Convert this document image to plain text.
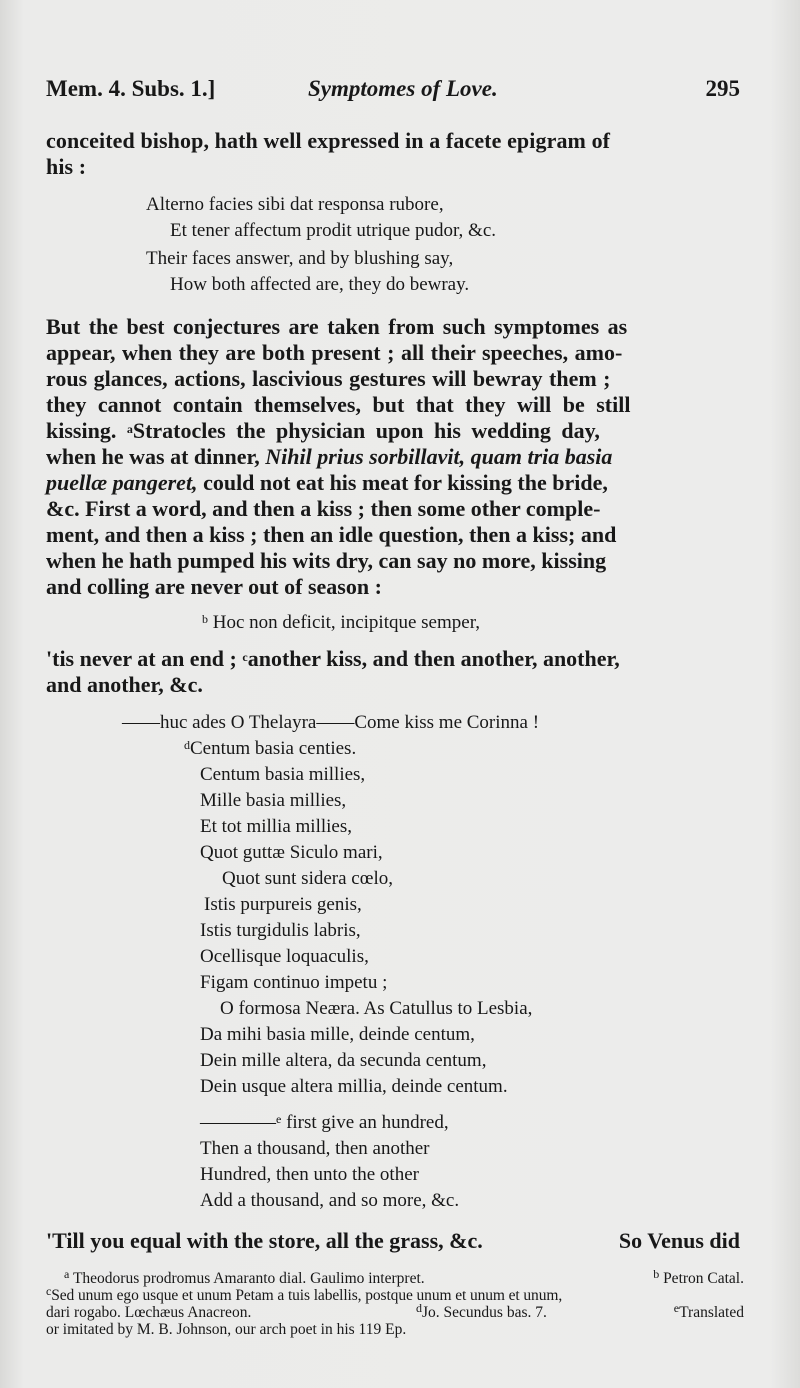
Mem. 4. Subs. 1.]	Symptomes of Love.	295

conceited bishop, hath well expressed in a facete epigram of
his :

Alterno facies sibi dat responsa rubore,
Et tener affectum prodit utrique pudor, &c.
Their faces answer, and by blushing say,
How both affected are, they do bewray.

But the best conjectures are taken from such symptomes as
appear, when they are both present ; all their speeches, amo-
rous glances, actions, lascivious gestures will bewray them ;
they cannot contain themselves, but that they will be still
kissing. $^a$Stratocles the physician upon his wedding day,
when he was at dinner, Nihil prius sorbillavit, quam tria basia
puellæ pangeret, could not eat his meat for kissing the bride,
&c. First a word, and then a kiss ; then some other comple-
ment, and then a kiss ; then an idle question, then a kiss; and
when he hath pumped his wits dry, can say no more, kissing
and colling are never out of season :

$^b$ Hoc non deficit, incipitque semper,

'tis never at an end ; $^c$another kiss, and then another, another,
and another, &c.

——huc ades O Thelayra——Come kiss me Corinna !
$^d$Centum basia centies.
Centum basia millies,
Mille basia millies,
Et tot millia millies,
Quot guttæ Siculo mari,
Quot sunt sidera cœlo,
Istis purpureis genis,
Istis turgidulis labris,
Ocellisque loquaculis,
Figam continuo impetu ;
O formosa Neæra. As Catullus to Lesbia,
Da mihi basia mille, deinde centum,
Dein mille altera, da secunda centum,
Dein usque altera millia, deinde centum.
————$^e$ first give an hundred,
Then a thousand, then another
Hundred, then unto the other
Add a thousand, and so more, &c.

'Till you equal with the store, all the grass, &c.	So Venus did

$^a$ Theodorus prodromus Amaranto dial. Gaulimo interpret.	$^b$ Petron Catal.
$^c$Sed unum ego usque et unum Petam a tuis labellis, postque unum et unum et unum,
dari rogabo. Lœchæus Anacreon.	$^d$Jo. Secundus bas. 7.	$^e$Translated
or imitated by M. B. Johnson, our arch poet in his 119 Ep.
